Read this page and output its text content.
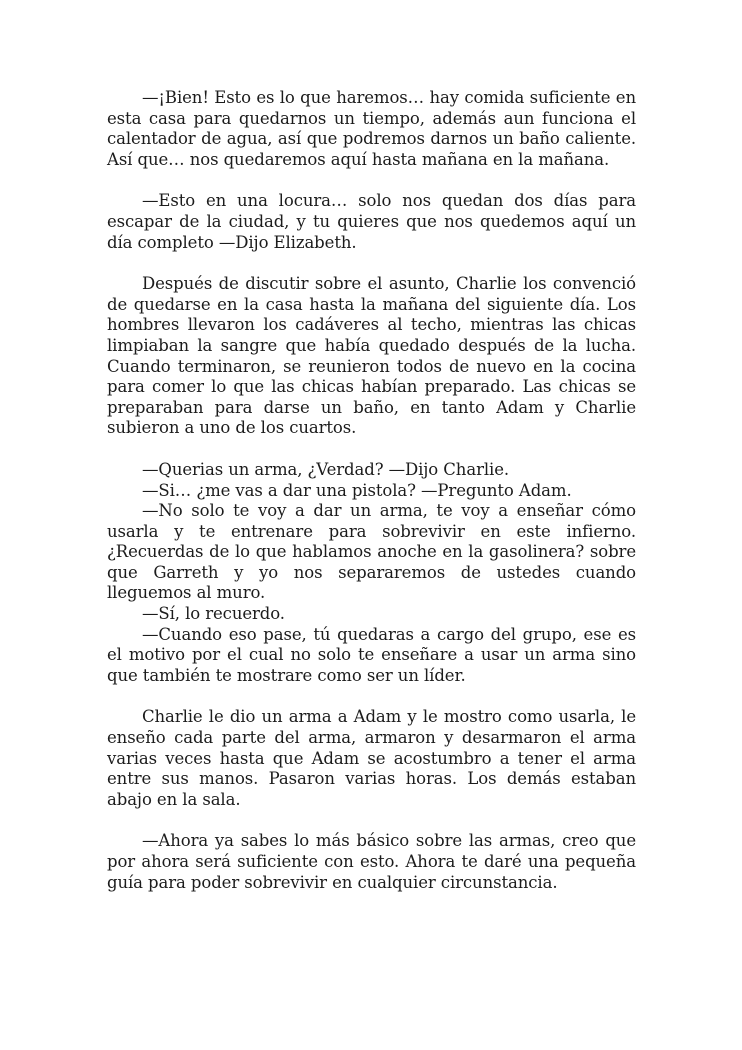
—¡Bien! Esto es lo que haremos… hay comida suficiente en esta casa para quedarnos un tiempo, además aun funciona el calentador de agua, así que podremos darnos un baño caliente. Así que… nos quedaremos aquí hasta mañana en la mañana.

—Esto en una locura… solo nos quedan dos días para escapar de la ciudad, y tu quieres que nos quedemos aquí un día completo —Dijo Elizabeth.

Después de discutir sobre el asunto, Charlie los convenció de quedarse en la casa hasta la mañana del siguiente día. Los hombres llevaron los cadáveres al techo, mientras las chicas limpiaban la sangre que había quedado después de la lucha. Cuando terminaron, se reunieron todos de nuevo en la cocina para comer lo que las chicas habían preparado. Las chicas se preparaban para darse un baño, en tanto Adam y Charlie subieron a uno de los cuartos.

—Querias un arma, ¿Verdad? —Dijo Charlie.

—Si… ¿me vas a dar una pistola? —Pregunto Adam.

—No solo te voy a dar un arma, te voy a enseñar cómo usarla y te entrenare para sobrevivir en este infierno. ¿Recuerdas de lo que hablamos anoche en la gasolinera? sobre que Garreth y yo nos separaremos de ustedes cuando lleguemos al muro.

—Sí, lo recuerdo.

—Cuando eso pase, tú quedaras a cargo del grupo, ese es el motivo por el cual no solo te enseñare a usar un arma sino que también te mostrare como ser un líder.

Charlie le dio un arma a Adam y le mostro como usarla, le enseño cada parte del arma, armaron y desarmaron el arma varias veces hasta que Adam se acostumbro a tener el arma entre sus manos. Pasaron varias horas. Los demás estaban abajo en la sala.

—Ahora ya sabes lo más básico sobre las armas, creo que por ahora será suficiente con esto. Ahora te daré una pequeña guía para poder sobrevivir en cualquier circunstancia.
